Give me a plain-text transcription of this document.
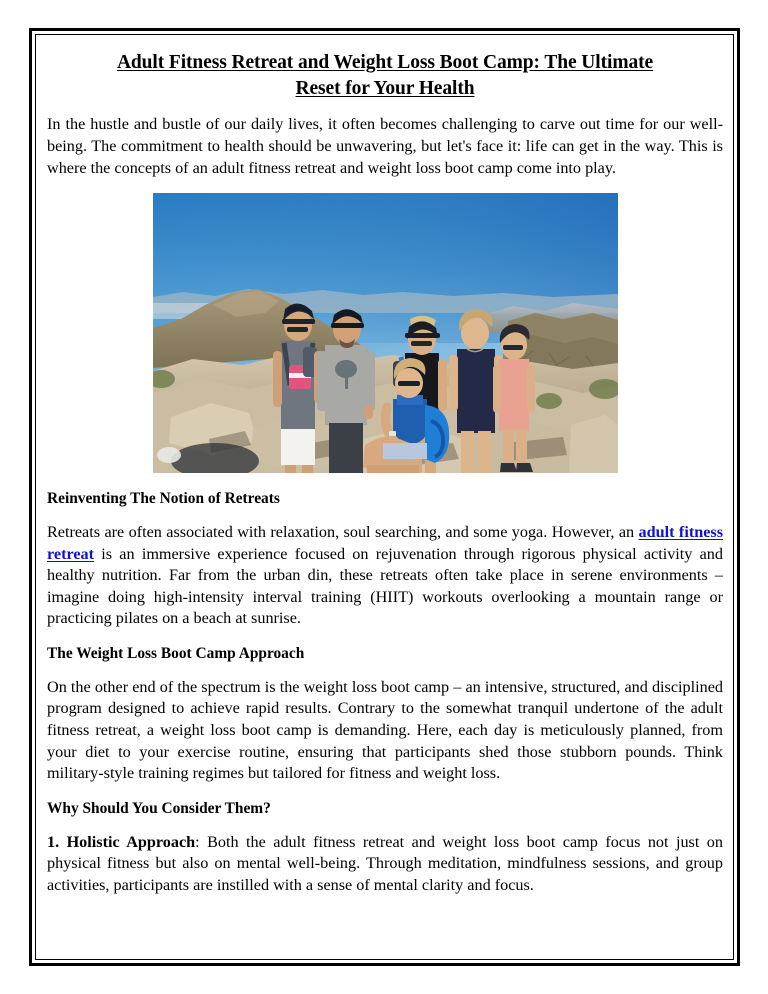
Adult Fitness Retreat and Weight Loss Boot Camp: The Ultimate
Reset for Your Health

In the hustle and bustle of our daily lives, it often becomes challenging to carve out time for our well-being. The commitment to health should be unwavering, but let's face it: life can get in the way. This is where the concepts of an adult fitness retreat and weight loss boot camp come into play.

Reinventing The Notion of Retreats

Retreats are often associated with relaxation, soul searching, and some yoga. However, an adult fitness retreat is an immersive experience focused on rejuvenation through rigorous physical activity and healthy nutrition. Far from the urban din, these retreats often take place in serene environments – imagine doing high-intensity interval training (HIIT) workouts overlooking a mountain range or practicing pilates on a beach at sunrise.

The Weight Loss Boot Camp Approach

On the other end of the spectrum is the weight loss boot camp – an intensive, structured, and disciplined program designed to achieve rapid results. Contrary to the somewhat tranquil undertone of the adult fitness retreat, a weight loss boot camp is demanding. Here, each day is meticulously planned, from your diet to your exercise routine, ensuring that participants shed those stubborn pounds. Think military-style training regimes but tailored for fitness and weight loss.

Why Should You Consider Them?

1. Holistic Approach: Both the adult fitness retreat and weight loss boot camp focus not just on physical fitness but also on mental well-being. Through meditation, mindfulness sessions, and group activities, participants are instilled with a sense of mental clarity and focus.
